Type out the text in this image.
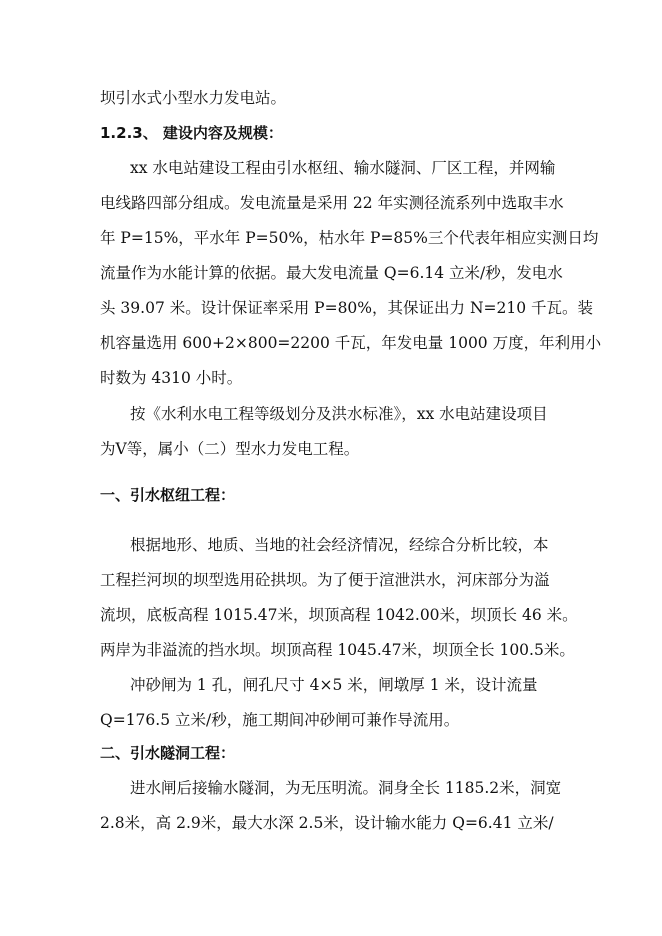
坝引水式小型水力发电站。
1.2.3、 建设内容及规模：
xx 水电站建设工程由引水枢纽、输水隧洞、厂区工程，并网输
电线路四部分组成。发电流量是采用 22 年实测径流系列中选取丰水
年 P=15%，平水年 P=50%，枯水年 P=85%三个代表年相应实测日均
流量作为水能计算的依据。最大发电流量 Q=6.14 立米/秒，发电水
头 39.07 米。设计保证率采用 P=80%，其保证出力 N=210 千瓦。装
机容量选用 600+2×800=2200 千瓦，年发电量 1000 万度，年利用小
时数为 4310 小时。
按《水利水电工程等级划分及洪水标准》，xx 水电站建设项目
为Ⅴ等，属小（二）型水力发电工程。
一、引水枢纽工程：
根据地形、地质、当地的社会经济情况，经综合分析比较，本
工程拦河坝的坝型选用砼拱坝。为了便于渲泄洪水，河床部分为溢
流坝，底板高程 1015.47米，坝顶高程 1042.00米，坝顶长 46 米。
两岸为非溢流的挡水坝。坝顶高程 1045.47米，坝顶全长 100.5米。
冲砂闸为 1 孔，闸孔尺寸 4×5 米，闸墩厚 1 米，设计流量
Q=176.5 立米/秒，施工期间冲砂闸可兼作导流用。
二、引水隧洞工程：
进水闸后接输水隧洞，为无压明流。洞身全长 1185.2米，洞宽
2.8米，高 2.9米，最大水深 2.5米，设计输水能力 Q=6.41 立米/
